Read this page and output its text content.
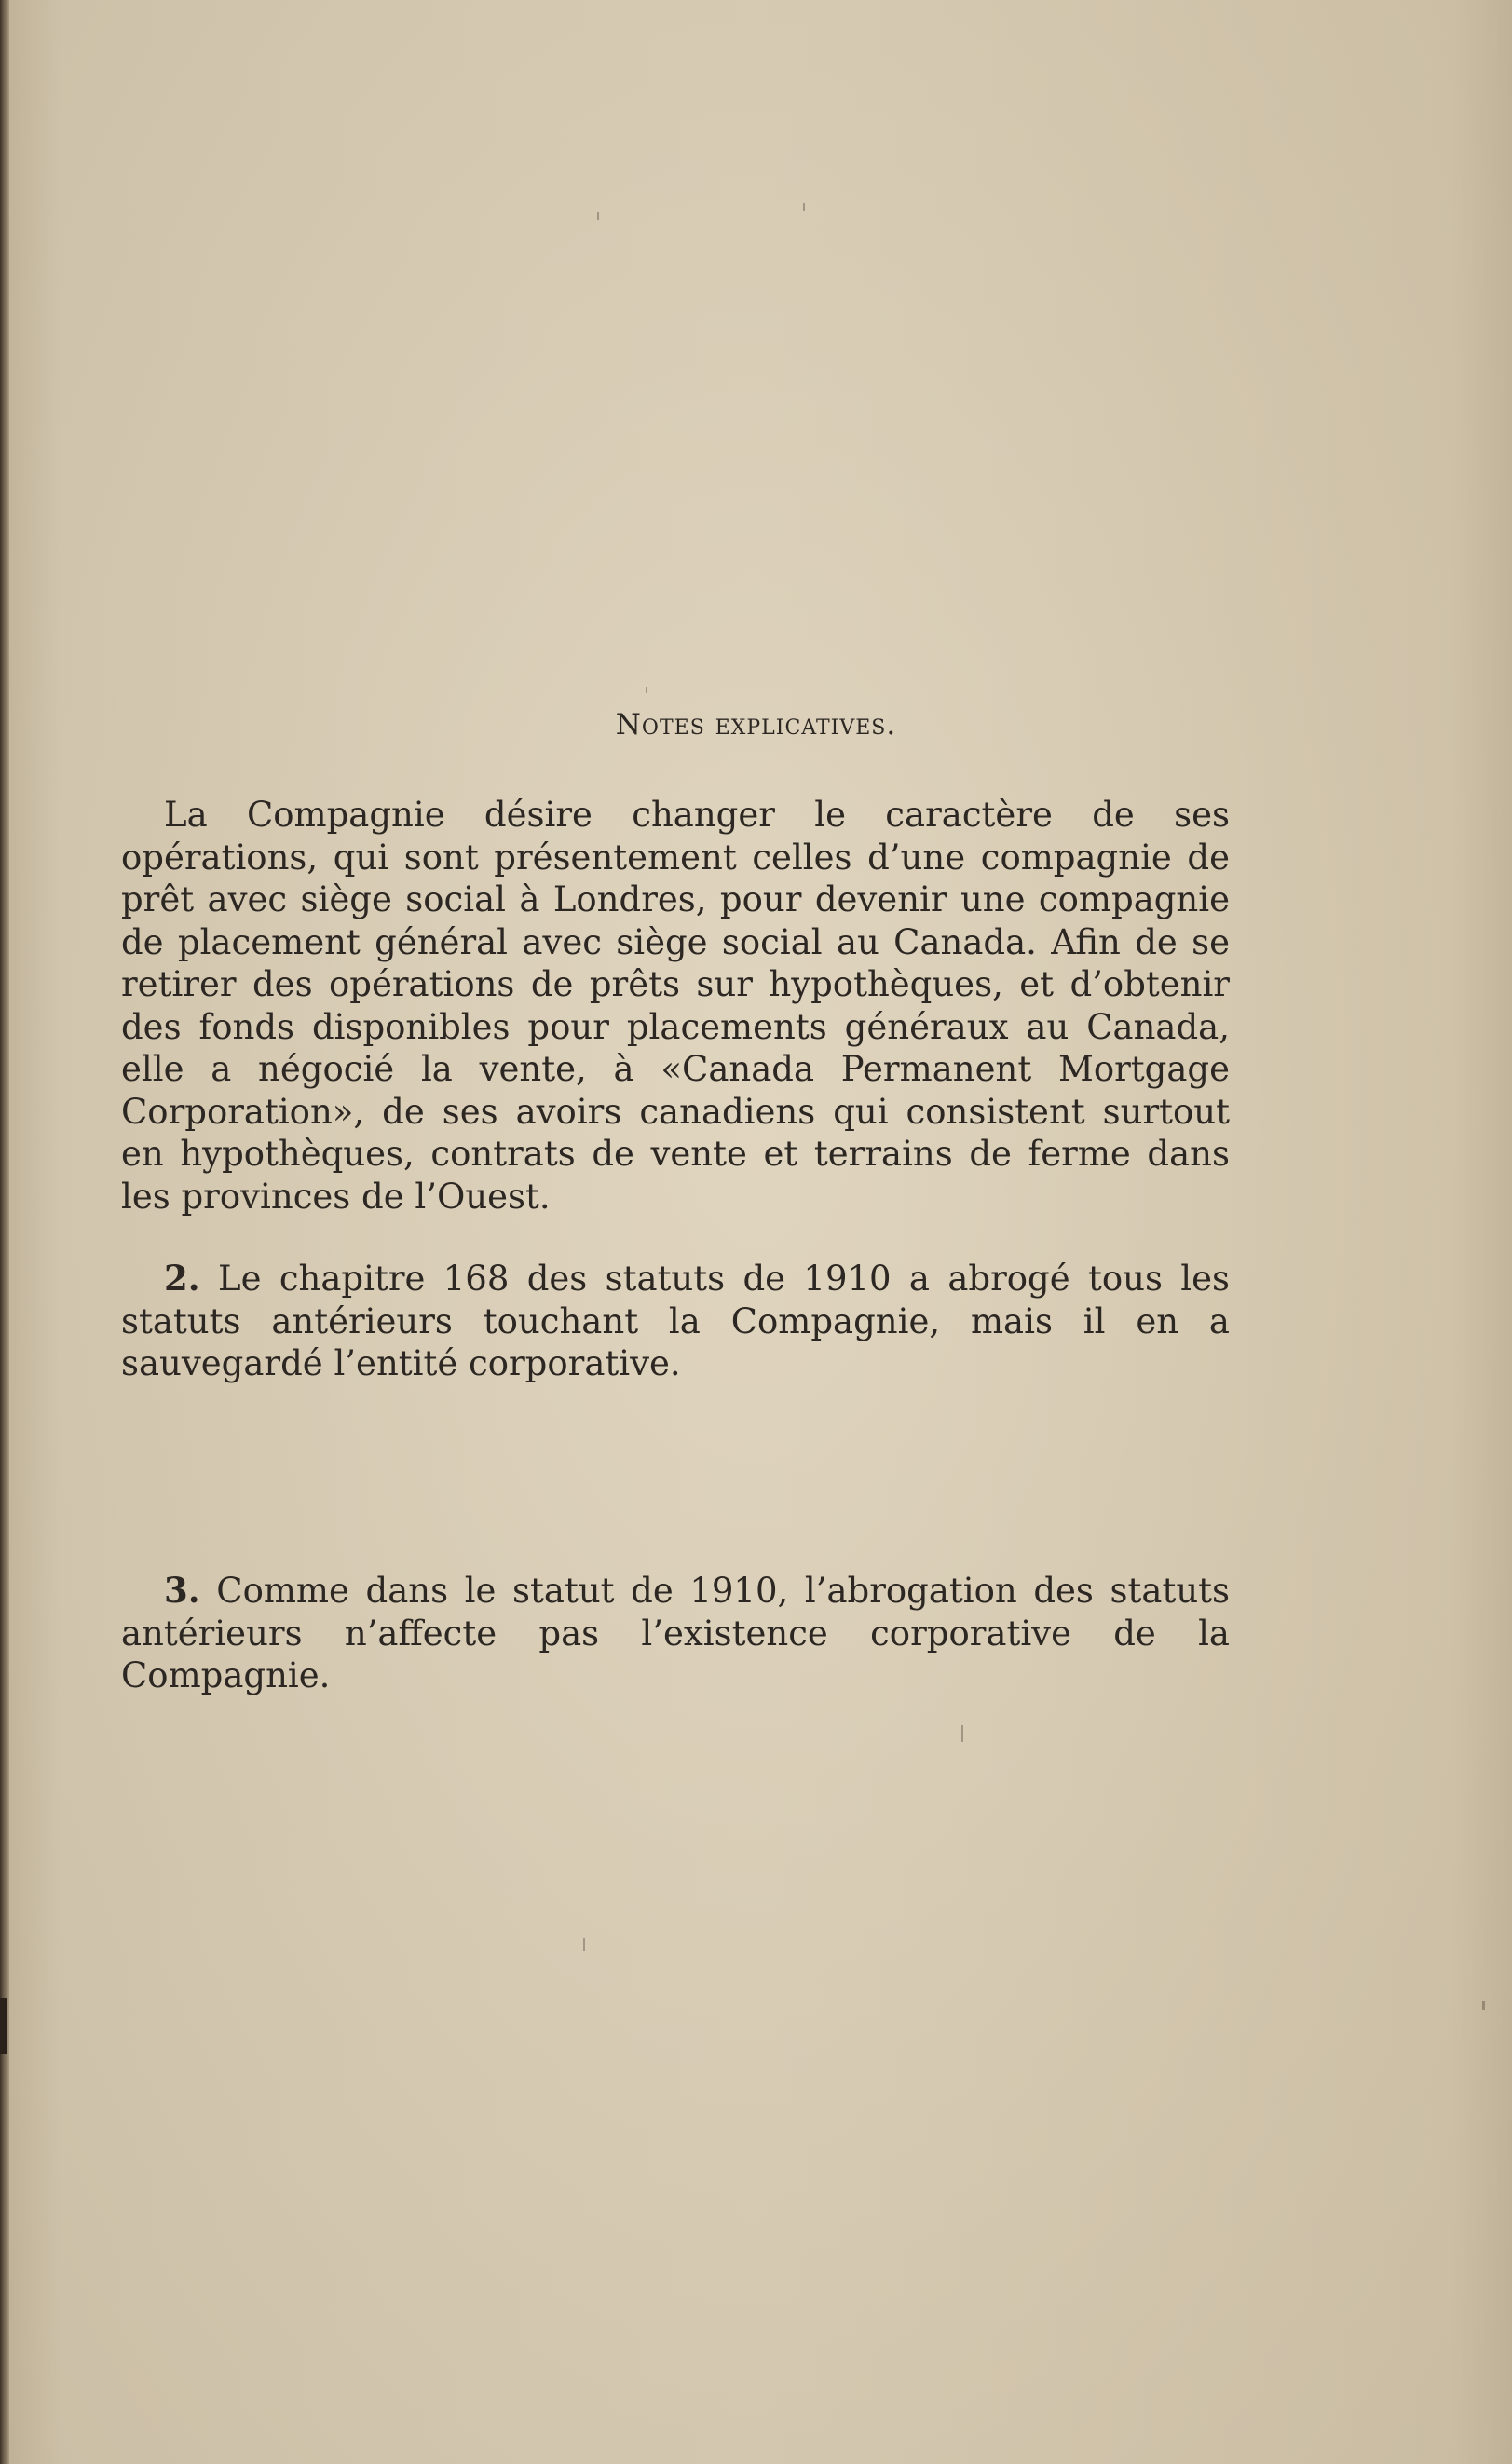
Notes explicatives.

La Compagnie désire changer le caractère de ses opérations, qui sont présentement celles d’une compagnie de prêt avec siège social à Londres, pour devenir une compagnie de placement général avec siège social au Canada. Afin de se retirer des opérations de prêts sur hypothèques, et d’obtenir des fonds disponibles pour placements généraux au Canada, elle a négocié la vente, à «Canada Permanent Mortgage Corporation», de ses avoirs canadiens qui consistent surtout en hypothèques, contrats de vente et terrains de ferme dans les provinces de l’Ouest.

2. Le chapitre 168 des statuts de 1910 a abrogé tous les statuts antérieurs touchant la Compagnie, mais il en a sauvegardé l’entité corporative.

3. Comme dans le statut de 1910, l’abrogation des statuts antérieurs n’affecte pas l’existence corporative de la Compagnie.
